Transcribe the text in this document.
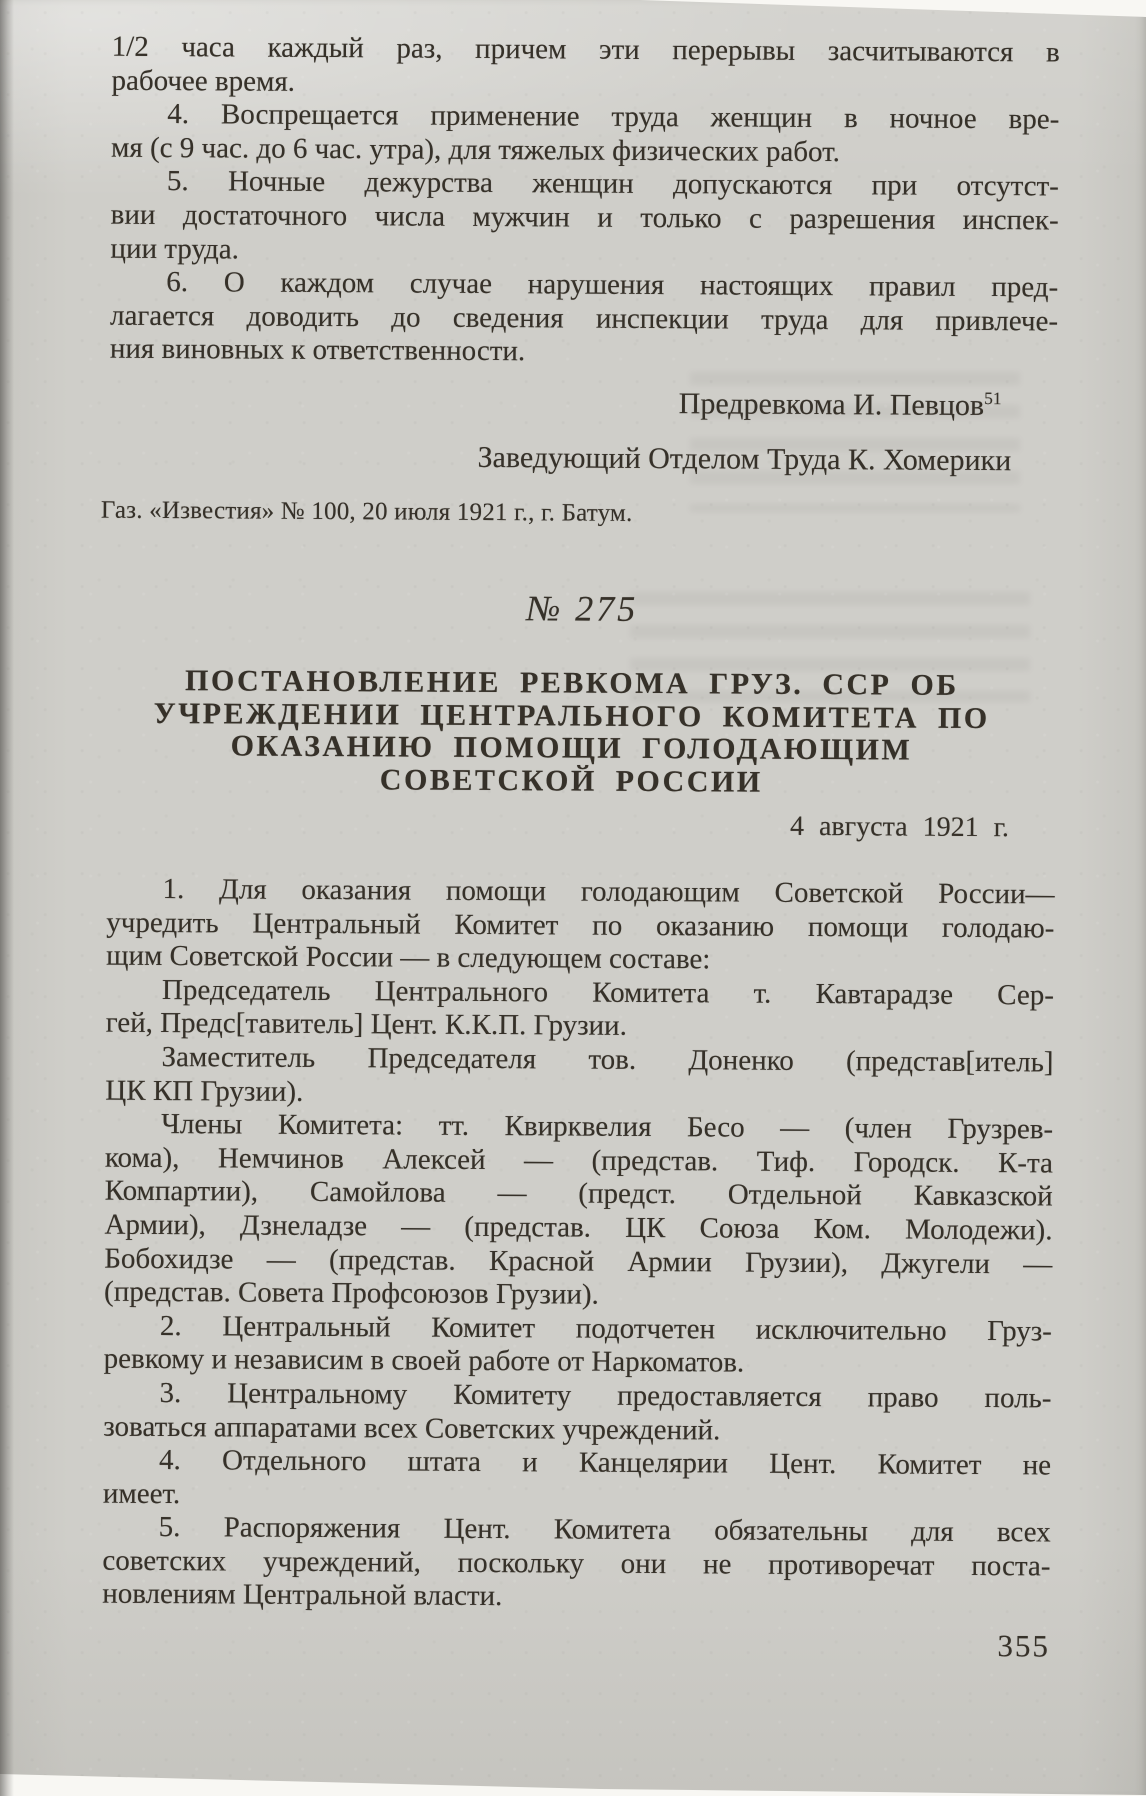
1/2 часа каждый раз, причем эти перерывы засчитываются в
рабочее время.
4. Воспрещается применение труда женщин в ночное вре-
мя (с 9 час. до 6 час. утра), для тяжелых физических работ.
5. Ночные дежурства женщин допускаются при отсутст-
вии достаточного числа мужчин и только с разрешения инспек-
ции труда.
6. О каждом случае нарушения настоящих правил пред-
лагается доводить до сведения инспекции труда для привлече-
ния виновных к ответственности.
Предревкома И. Певцов$^{51}$
Заведующий Отделом Труда К. Хомерики
Газ. «Известия» № 100, 20 июля 1921 г., г. Батум.
№ 275
ПОСТАНОВЛЕНИЕ РЕВКОМА ГРУЗ. ССР ОБ
УЧРЕЖДЕНИИ ЦЕНТРАЛЬНОГО КОМИТЕТА ПО
ОКАЗАНИЮ ПОМОЩИ ГОЛОДАЮЩИМ
СОВЕТСКОЙ РОССИИ
4 августа 1921 г.
1. Для оказания помощи голодающим Советской России—
учредить Центральный Комитет по оказанию помощи голодаю-
щим Советской России — в следующем составе:
Председатель Центрального Комитета т. Кавтарадзе Сер-
гей, Предс[тавитель] Цент. К.К.П. Грузии.
Заместитель Председателя тов. Доненко (представ[итель]
ЦК КП Грузии).
Члены Комитета: тт. Квирквелия Бесо — (член Грузрев-
кома), Немчинов Алексей — (представ. Тиф. Городск. К-та
Компартии), Самойлова — (предст. Отдельной Кавказской
Армии), Дзнеладзе — (представ. ЦК Союза Ком. Молодежи).
Бобохидзе — (представ. Красной Армии Грузии), Джугели —
(представ. Совета Профсоюзов Грузии).
2. Центральный Комитет подотчетен исключительно Груз-
ревкому и независим в своей работе от Наркоматов.
3. Центральному Комитету предоставляется право поль-
зоваться аппаратами всех Советских учреждений.
4. Отдельного штата и Канцелярии Цент. Комитет не
имеет.
5. Распоряжения Цент. Комитета обязательны для всех
советских учреждений, поскольку они не противоречат поста-
новлениям Центральной власти.
355
